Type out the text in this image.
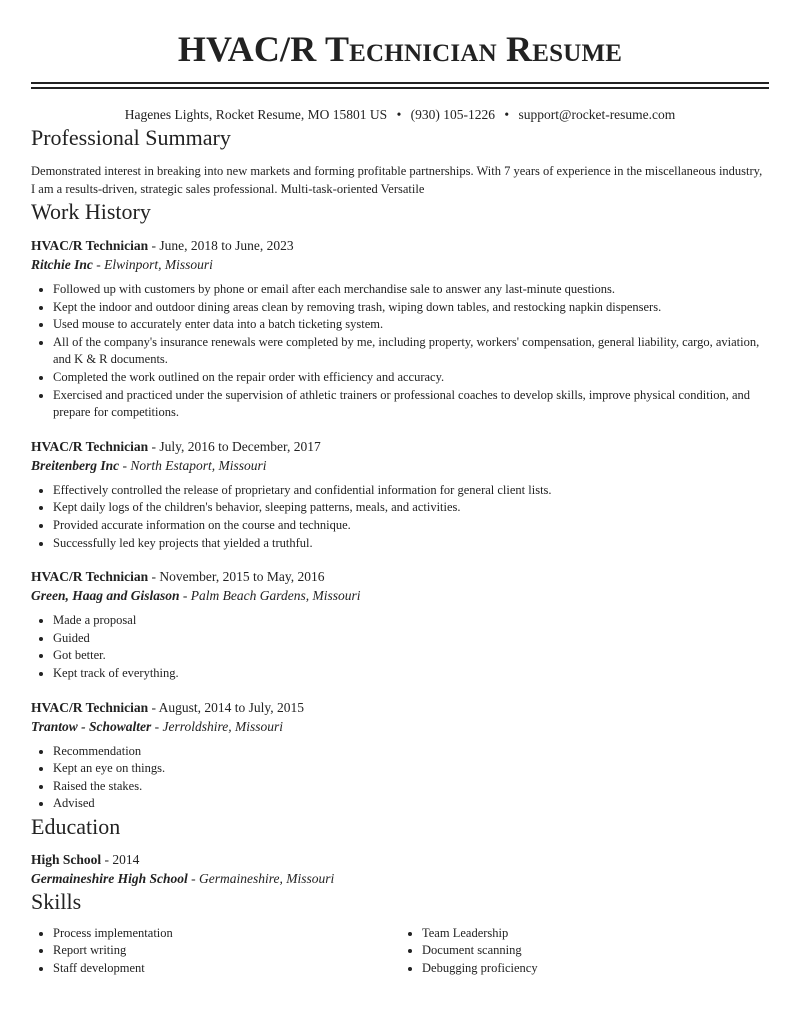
HVAC/R Technician Resume
Hagenes Lights, Rocket Resume, MO 15801 US • (930) 105-1226 • support@rocket-resume.com
Professional Summary
Demonstrated interest in breaking into new markets and forming profitable partnerships. With 7 years of experience in the miscellaneous industry, I am a results-driven, strategic sales professional. Multi-task-oriented Versatile
Work History
HVAC/R Technician - June, 2018 to June, 2023
Ritchie Inc - Elwinport, Missouri
• Followed up with customers by phone or email after each merchandise sale to answer any last-minute questions.
• Kept the indoor and outdoor dining areas clean by removing trash, wiping down tables, and restocking napkin dispensers.
• Used mouse to accurately enter data into a batch ticketing system.
• All of the company's insurance renewals were completed by me, including property, workers' compensation, general liability, cargo, aviation, and K & R documents.
• Completed the work outlined on the repair order with efficiency and accuracy.
• Exercised and practiced under the supervision of athletic trainers or professional coaches to develop skills, improve physical condition, and prepare for competitions.
HVAC/R Technician - July, 2016 to December, 2017
Breitenberg Inc - North Estaport, Missouri
• Effectively controlled the release of proprietary and confidential information for general client lists.
• Kept daily logs of the children's behavior, sleeping patterns, meals, and activities.
• Provided accurate information on the course and technique.
• Successfully led key projects that yielded a truthful.
HVAC/R Technician - November, 2015 to May, 2016
Green, Haag and Gislason - Palm Beach Gardens, Missouri
• Made a proposal
• Guided
• Got better.
• Kept track of everything.
HVAC/R Technician - August, 2014 to July, 2015
Trantow - Schowalter - Jerroldshire, Missouri
• Recommendation
• Kept an eye on things.
• Raised the stakes.
• Advised
Education
High School - 2014
Germaineshire High School - Germaineshire, Missouri
Skills
• Process implementation
• Report writing
• Staff development
• Team Leadership
• Document scanning
• Debugging proficiency
